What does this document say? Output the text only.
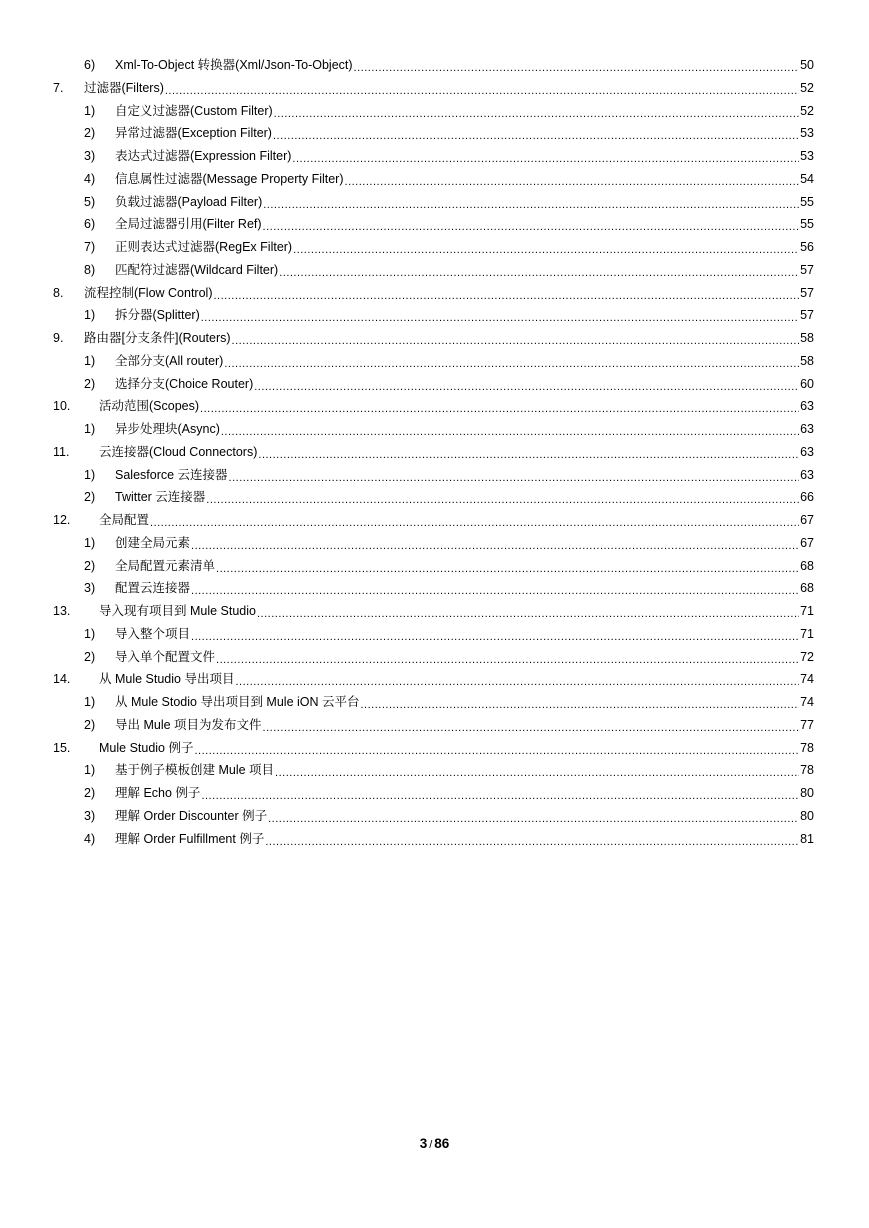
6)	Xml-To-Object 转换器(Xml/Json-To-Object) .....	50
7.	过滤器(Filters) .....	52
1)	自定义过滤器(Custom Filter) .....	52
2)	异常过滤器(Exception Filter) .....	53
3)	表达式过滤器(Expression Filter) .....	53
4)	信息属性过滤器(Message Property Filter) .....	54
5)	负载过滤器(Payload Filter) .....	55
6)	全局过滤器引用(Filter Ref) .....	55
7)	正则表达式过滤器(RegEx Filter) .....	56
8)	匹配符过滤器(Wildcard Filter) .....	57
8.	流程控制(Flow Control) .....	57
1)	拆分器(Splitter) .....	57
9.	路由器[分支条件](Routers) .....	58
1)	全部分支(All router) .....	58
2)	选择分支(Choice Router) .....	60
10.	活动范围(Scopes) .....	63
1)	异步处理块(Async) .....	63
11.	云连接器(Cloud Connectors) .....	63
1)	Salesforce 云连接器 .....	63
2)	Twitter 云连接器 .....	66
12.	全局配置 .....	67
1)	创建全局元素 .....	67
2)	全局配置元素清单 .....	68
3)	配置云连接器 .....	68
13.	导入现有项目到 Mule Studio .....	71
1)	导入整个项目 .....	71
2)	导入单个配置文件 .....	72
14.	从 Mule Studio 导出项目 .....	74
1)	从 Mule Stodio 导出项目到 Mule iON 云平台 .....	74
2)	导出 Mule 项目为发布文件 .....	77
15.	Mule Studio 例子 .....	78
1)	基于例子模板创建 Mule 项目 .....	78
2)	理解 Echo 例子 .....	80
3)	理解 Order Discounter 例子 .....	80
4)	理解 Order Fulfillment 例子 .....	81
3 / 86
